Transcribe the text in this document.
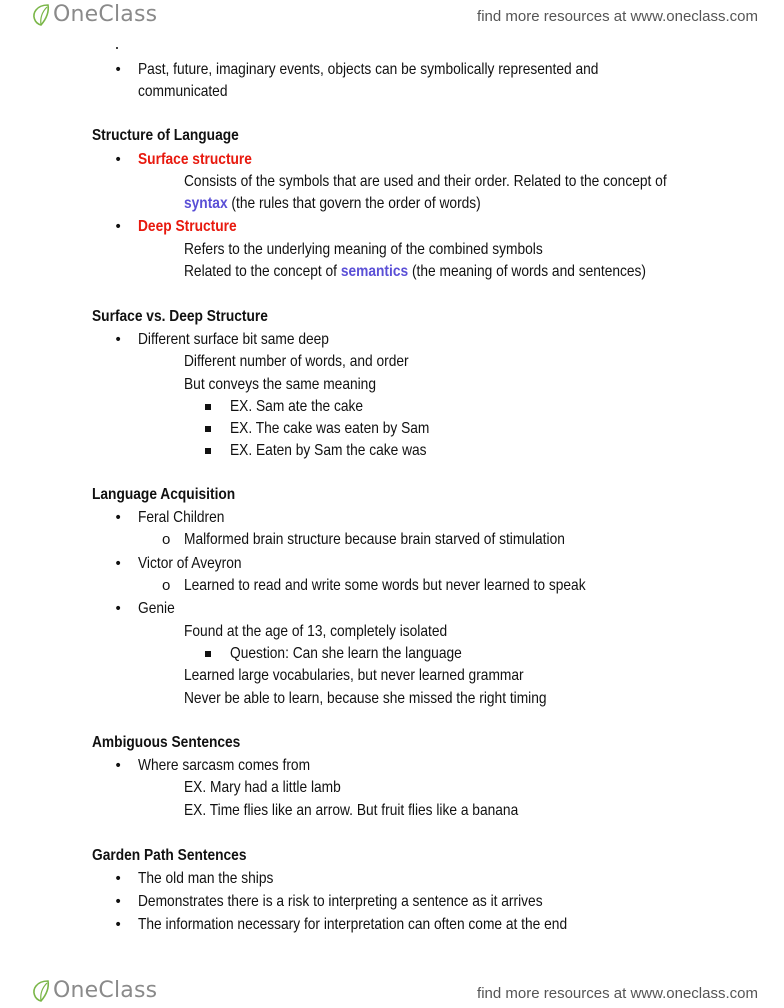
OneClass	find more resources at www.oneclass.com
• Past, future, imaginary events, objects can be symbolically represented and
communicated
Structure of Language
• Surface structure
Consists of the symbols that are used and their order. Related to the concept of
syntax (the rules that govern the order of words)
• Deep Structure
Refers to the underlying meaning of the combined symbols
Related to the concept of semantics (the meaning of words and sentences)
Surface vs. Deep Structure
• Different surface bit same deep
Different number of words, and order
But conveys the same meaning
EX. Sam ate the cake
EX. The cake was eaten by Sam
EX. Eaten by Sam the cake was
Language Acquisition
• Feral Children
o Malformed brain structure because brain starved of stimulation
• Victor of Aveyron
o Learned to read and write some words but never learned to speak
• Genie
Found at the age of 13, completely isolated
Question: Can she learn the language
Learned large vocabularies, but never learned grammar
Never be able to learn, because she missed the right timing
Ambiguous Sentences
• Where sarcasm comes from
EX. Mary had a little lamb
EX. Time flies like an arrow. But fruit flies like a banana
Garden Path Sentences
• The old man the ships
• Demonstrates there is a risk to interpreting a sentence as it arrives
• The information necessary for interpretation can often come at the end
OneClass	find more resources at www.oneclass.com
